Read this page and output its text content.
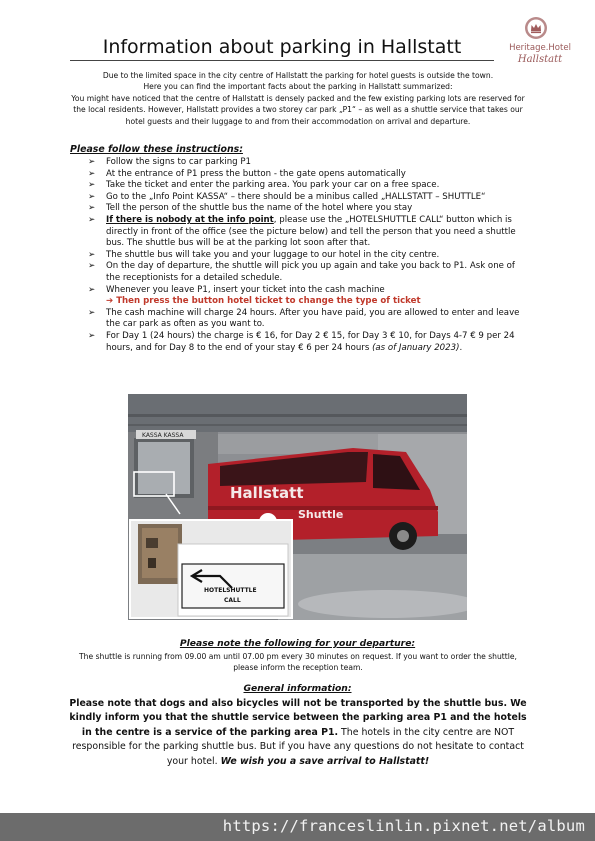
Information about parking in Hallstatt	Heritage.Hotel
Hallstatt
Due to the limited space in the city centre of Hallstatt the parking for hotel guests is outside the town.
Here you can find the important facts about the parking in Hallstatt summarized:
You might have noticed that the centre of Hallstatt is densely packed and the few existing parking lots are reserved for the local residents. However, Hallstatt provides a two storey car park „P1“ – as well as a shuttle service that takes our hotel guests and their luggage to and from their accommodation on arrival and departure.
Please follow these instructions:
➢ Follow the signs to car parking P1
➢ At the entrance of P1 press the button - the gate opens automatically
➢ Take the ticket and enter the parking area. You park your car on a free space.
➢ Go to the „Info Point KASSA“ – there should be a minibus called „HALLSTATT – SHUTTLE“
➢ Tell the person of the shuttle bus the name of the hotel where you stay
➢ If there is nobody at the info point, please use the „HOTELSHUTTLE CALL“ button which is directly in front of the office (see the picture below) and tell the person that you need a shuttle bus. The shuttle bus will be at the parking lot soon after that.
➢ The shuttle bus will take you and your luggage to our hotel in the city centre.
➢ On the day of departure, the shuttle will pick you up again and take you back to P1. Ask one of the receptionists for a detailed schedule.
➢ Whenever you leave P1, insert your ticket into the cash machine
➔ Then press the button hotel ticket to change the type of ticket
➢ The cash machine will charge 24 hours. After you have paid, you are allowed to enter and leave the car park as often as you want to.
➢ For Day 1 (24 hours) the charge is € 16, for Day 2 € 15, for Day 3 € 10, for Days 4-7 € 9 per 24 hours, and for Day 8 to the end of your stay € 6 per 24 hours (as of January 2023).
KASSA KASSA
Hallstatt
Shuttle
HOTELSHUTTLE
CALL
Please note the following for your departure:
The shuttle is running from 09.00 am until 07.00 pm every 30 minutes on request. If you want to order the shuttle, please inform the reception team.
General information:
Please note that dogs and also bicycles will not be transported by the shuttle bus. We kindly inform you that the shuttle service between the parking area P1 and the hotels in the centre is a service of the parking area P1. The hotels in the city centre are NOT responsible for the parking shuttle bus. But if you have any questions do not hesitate to contact your hotel. We wish you a save arrival to Hallstatt!
https://franceslinlin.pixnet.net/album
